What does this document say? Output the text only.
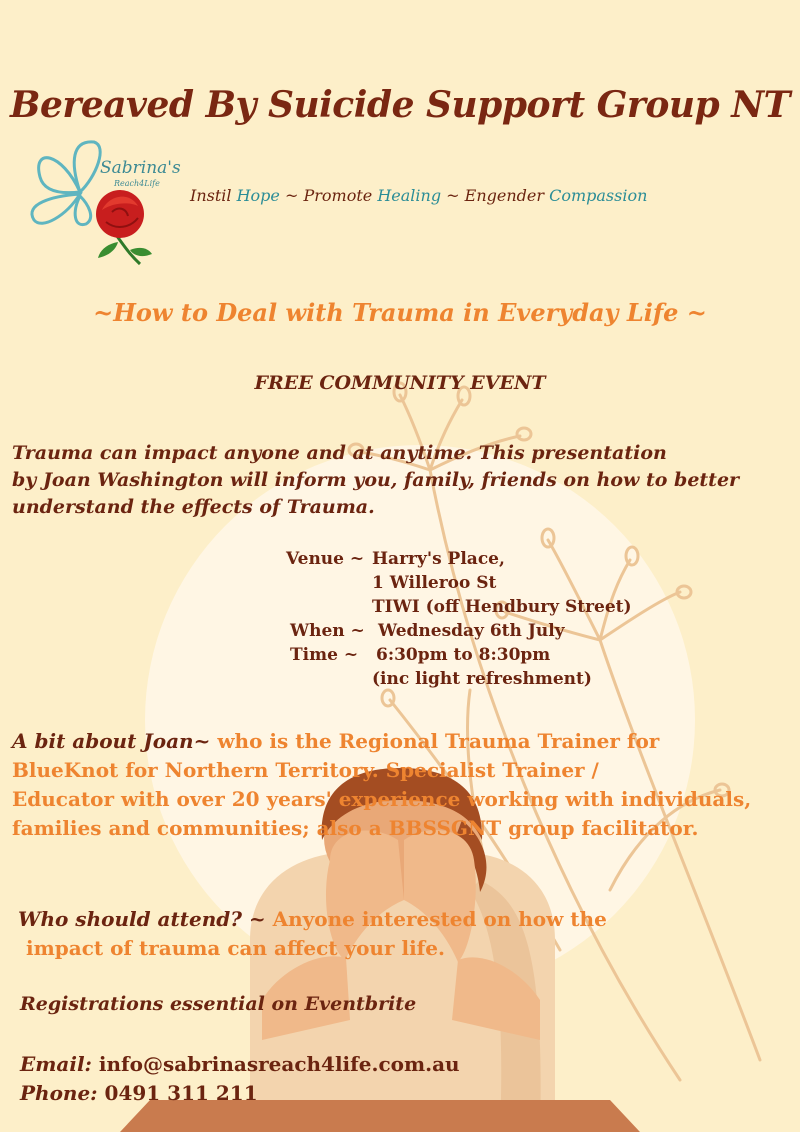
Bereaved By Suicide Support Group NT
Sabrina's
Reach4Life
Instil Hope ~ Promote Healing ~ Engender Compassion
~How to Deal with Trauma in Everyday Life ~
FREE COMMUNITY EVENT
Trauma can impact anyone and at anytime. This presentation
by Joan Washington will inform you, family, friends on how to better
understand the effects of Trauma.
Venue ~ Harry's Place,
1 Willeroo St
TIWI (off Hendbury Street)
When ~ Wednesday 6th July
Time ~ 6:30pm to 8:30pm
(inc light refreshment)
A bit about Joan~ who is the Regional Trauma Trainer for
BlueKnot for Northern Territory. Specialist Trainer /
Educator with over 20 years' experience working with individuals,
families and communities; also a BBSSGNT group facilitator.
Who should attend? ~ Anyone interested on how the
impact of trauma can affect your life.
Registrations essential on Eventbrite
Email: info@sabrinasreach4life.com.au
Phone: 0491 311 211
